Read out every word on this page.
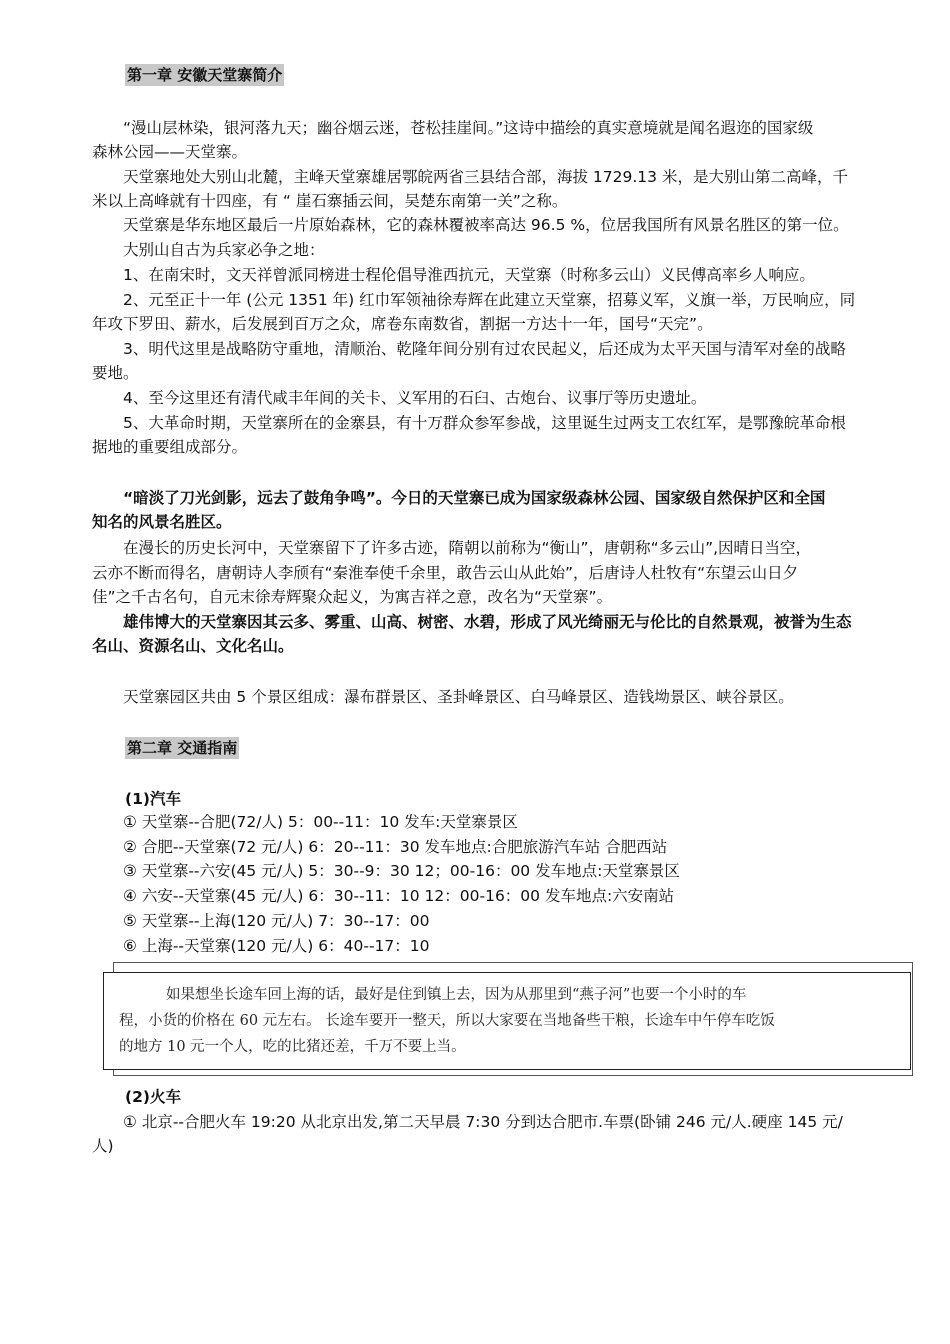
第一章 安徽天堂寨简介
“漫山层林染，银河落九天；幽谷烟云迷，苍松挂崖间。”这诗中描绘的真实意境就是闻名遐迩的国家级
森林公园——天堂寨。
天堂寨地处大别山北麓，主峰天堂寨雄居鄂皖两省三县结合部，海拔 1729.13 米，是大别山第二高峰，千
米以上高峰就有十四座，有 “ 崖石寨插云间，吴楚东南第一关”之称。
天堂寨是华东地区最后一片原始森林，它的森林覆被率高达 96.5 %，位居我国所有风景名胜区的第一位。
大别山自古为兵家必争之地：
1、在南宋时，文天祥曾派同榜进士程伦倡导淮西抗元，天堂寨（时称多云山）义民傅高率乡人响应。
2、元至正十一年 (公元 1351 年) 红巾军领袖徐寿辉在此建立天堂寨，招募义军，义旗一举，万民响应，同
年攻下罗田、薪水，后发展到百万之众，席卷东南数省，割据一方达十一年，国号“天完”。
3、明代这里是战略防守重地，清顺治、乾隆年间分别有过农民起义，后还成为太平天国与清军对垒的战略
要地。
4、至今这里还有清代咸丰年间的关卡、义军用的石臼、古炮台、议事厅等历史遗址。
5、大革命时期，天堂寨所在的金寨县，有十万群众参军参战，这里诞生过两支工农红军，是鄂豫皖革命根
据地的重要组成部分。
“暗淡了刀光剑影，远去了鼓角争鸣”。今日的天堂寨已成为国家级森林公园、国家级自然保护区和全国
知名的风景名胜区。
在漫长的历史长河中，天堂寨留下了许多古迹，隋朝以前称为“衡山”，唐朝称“多云山”,因晴日当空，
云亦不断而得名，唐朝诗人李颀有“秦淮奉使千余里，敢告云山从此始”，后唐诗人杜牧有“东望云山日夕
佳”之千古名句，自元末徐寿辉聚众起义，为寓吉祥之意，改名为“天堂寨”。
雄伟博大的天堂寨因其云多、雾重、山高、树密、水碧，形成了风光绮丽无与伦比的自然景观，被誉为生态
名山、资源名山、文化名山。
天堂寨园区共由 5 个景区组成：瀑布群景区、圣卦峰景区、白马峰景区、造钱坳景区、峡谷景区。
第二章 交通指南
(1)汽车
① 天堂寨--合肥(72/人) 5：00--11：10 发车:天堂寨景区
② 合肥--天堂寨(72 元/人) 6：20--11：30 发车地点:合肥旅游汽车站 合肥西站
③ 天堂寨--六安(45 元/人) 5：30--9：30 12；00-16：00 发车地点:天堂寨景区
④ 六安--天堂寨(45 元/人) 6：30--11：10 12：00-16：00 发车地点:六安南站
⑤ 天堂寨--上海(120 元/人) 7：30--17：00
⑥ 上海--天堂寨(120 元/人) 6：40--17：10
如果想坐长途车回上海的话，最好是住到镇上去，因为从那里到“燕子河”也要一个小时的车
程，小货的价格在 60 元左右。 长途车要开一整天，所以大家要在当地备些干粮，长途车中午停车吃饭
的地方 10 元一个人，吃的比猪还差，千万不要上当。
(2)火车
① 北京--合肥火车 19:20 从北京出发,第二天早晨 7:30 分到达合肥市.车票(卧铺 246 元/人.硬座 145 元/
人)
